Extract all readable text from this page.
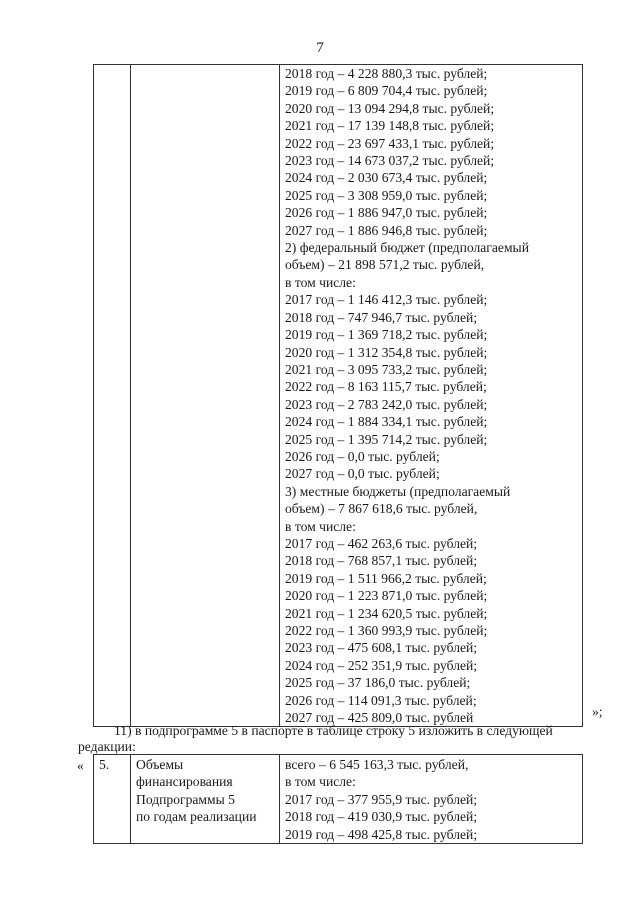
7

2018 год – 4 228 880,3 тыс. рублей;
2019 год – 6 809 704,4 тыс. рублей;
2020 год – 13 094 294,8 тыс. рублей;
2021 год – 17 139 148,8 тыс. рублей;
2022 год – 23 697 433,1 тыс. рублей;
2023 год – 14 673 037,2 тыс. рублей;
2024 год – 2 030 673,4 тыс. рублей;
2025 год – 3 308 959,0 тыс. рублей;
2026 год – 1 886 947,0 тыс. рублей;
2027 год – 1 886 946,8 тыс. рублей;
2) федеральный бюджет (предполагаемый
объем) – 21 898 571,2 тыс. рублей,
в том числе:
2017 год – 1 146 412,3 тыс. рублей;
2018 год – 747 946,7 тыс. рублей;
2019 год – 1 369 718,2 тыс. рублей;
2020 год – 1 312 354,8 тыс. рублей;
2021 год – 3 095 733,2 тыс. рублей;
2022 год – 8 163 115,7 тыс. рублей;
2023 год – 2 783 242,0 тыс. рублей;
2024 год – 1 884 334,1 тыс. рублей;
2025 год – 1 395 714,2 тыс. рублей;
2026 год – 0,0 тыс. рублей;
2027 год – 0,0 тыс. рублей;
3) местные бюджеты (предполагаемый
объем) – 7 867 618,6 тыс. рублей,
в том числе:
2017 год – 462 263,6 тыс. рублей;
2018 год – 768 857,1 тыс. рублей;
2019 год – 1 511 966,2 тыс. рублей;
2020 год – 1 223 871,0 тыс. рублей;
2021 год – 1 234 620,5 тыс. рублей;
2022 год – 1 360 993,9 тыс. рублей;
2023 год – 475 608,1 тыс. рублей;
2024 год – 252 351,9 тыс. рублей;
2025 год – 37 186,0 тыс. рублей;
2026 год – 114 091,3 тыс. рублей;
2027 год – 425 809,0 тыс. рублей	»;
11) в подпрограмме 5 в паспорте в таблице строку 5 изложить в следующей
редакции:
«	5.	Объемы
финансирования
Подпрограммы 5
по годам реализации

всего – 6 545 163,3 тыс. рублей,
в том числе:
2017 год – 377 955,9 тыс. рублей;
2018 год – 419 030,9 тыс. рублей;
2019 год – 498 425,8 тыс. рублей;
